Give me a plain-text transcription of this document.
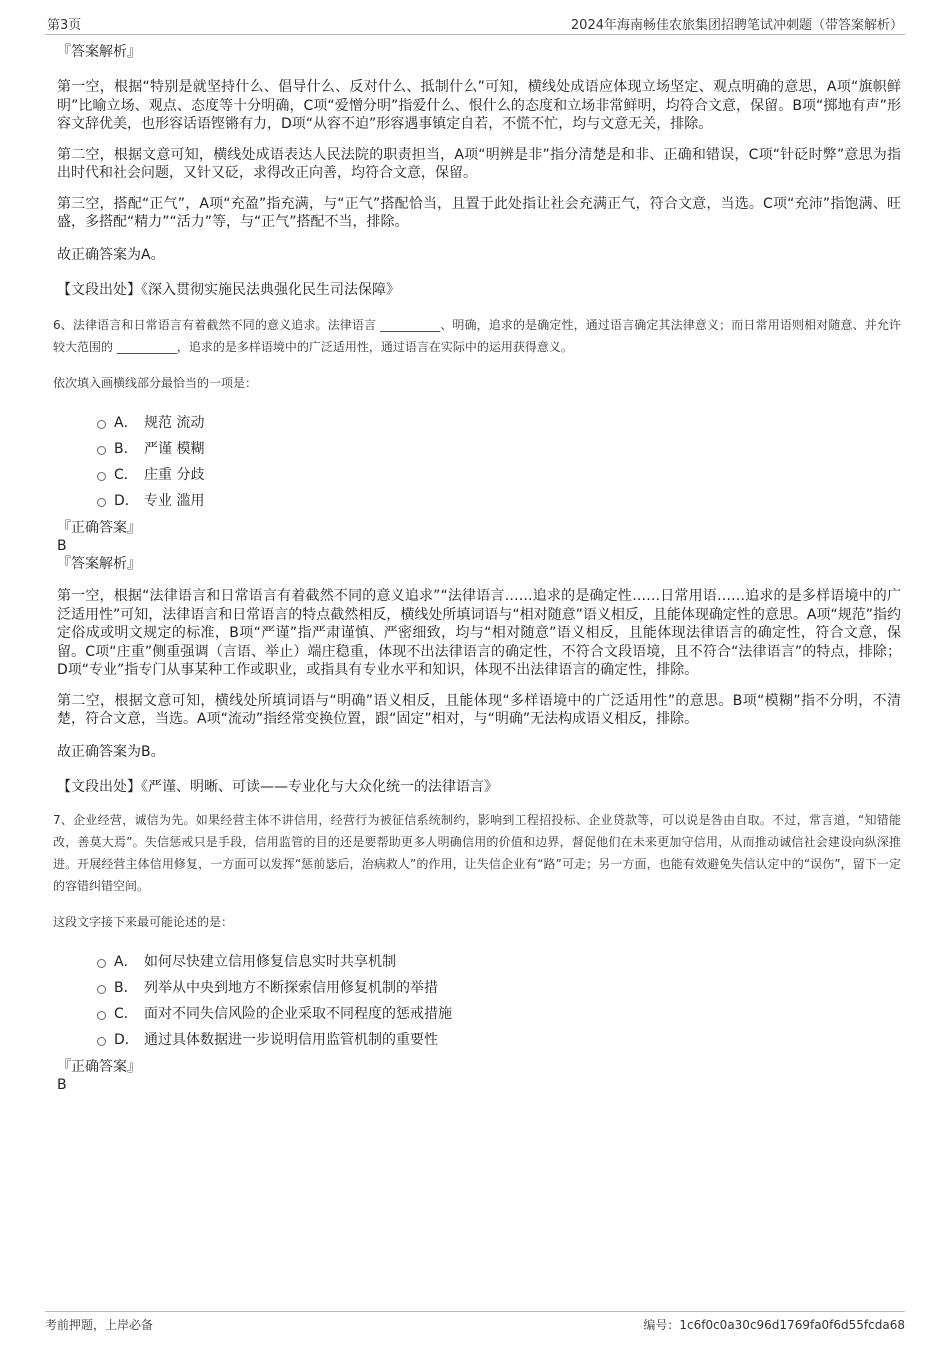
第3页	2024年海南畅佳农旅集团招聘笔试冲刺题（带答案解析）

『答案解析』

第一空，根据“特别是就坚持什么、倡导什么、反对什么、抵制什么”可知，横线处成语应体现立场坚定、观点明确的意思，A项“旗帜鲜明”比喻立场、观点、态度等十分明确，C项“爱憎分明”指爱什么、恨什么的态度和立场非常鲜明，均符合文意，保留。B项“掷地有声”形容文辞优美，也形容话语铿锵有力，D项“从容不迫”形容遇事镇定自若，不慌不忙，均与文意无关，排除。

第二空，根据文意可知，横线处成语表达人民法院的职责担当，A项“明辨是非”指分清楚是和非、正确和错误，C项“针砭时弊”意思为指出时代和社会问题，又针又砭，求得改正向善，均符合文意，保留。

第三空，搭配“正气”，A项“充盈”指充满，与“正气”搭配恰当，且置于此处指让社会充满正气，符合文意，当选。C项“充沛”指饱满、旺盛，多搭配“精力”“活力”等，与“正气”搭配不当，排除。

故正确答案为A。

【文段出处】《深入贯彻实施民法典强化民生司法保障》

6、法律语言和日常语言有着截然不同的意义追求。法律语言 __________、明确，追求的是确定性，通过语言确定其法律意义；而日常用语则相对随意、并允许较大范围的 __________，追求的是多样语境中的广泛适用性，通过语言在实际中的运用获得意义。
依次填入画横线部分最恰当的一项是：
A． 规范 流动
B． 严谨 模糊
C． 庄重 分歧
D． 专业 滥用
『正确答案』
B
『答案解析』

第一空，根据“法律语言和日常语言有着截然不同的意义追求”“法律语言……追求的是确定性……日常用语……追求的是多样语境中的广泛适用性”可知，法律语言和日常语言的特点截然相反，横线处所填词语与“相对随意”语义相反，且能体现确定性的意思。A项“规范”指约定俗成或明文规定的标准，B项“严谨”指严肃谨慎、严密细致，均与“相对随意”语义相反，且能体现法律语言的确定性，符合文意，保留。C项“庄重”侧重强调（言语、举止）端庄稳重，体现不出法律语言的确定性，不符合文段语境，且不符合“法律语言”的特点，排除；D项“专业”指专门从事某种工作或职业，或指具有专业水平和知识，体现不出法律语言的确定性，排除。

第二空，根据文意可知，横线处所填词语与“明确”语义相反，且能体现“多样语境中的广泛适用性”的意思。B项“模糊”指不分明，不清楚，符合文意，当选。A项“流动”指经常变换位置，跟“固定”相对，与“明确”无法构成语义相反，排除。

故正确答案为B。

【文段出处】《严谨、明晰、可读——专业化与大众化统一的法律语言》

7、企业经营，诚信为先。如果经营主体不讲信用，经营行为被征信系统制约，影响到工程招投标、企业贷款等，可以说是咎由自取。不过，常言道，“知错能改，善莫大焉”。失信惩戒只是手段，信用监管的目的还是要帮助更多人明确信用的价值和边界，督促他们在未来更加守信用，从而推动诚信社会建设向纵深推进。开展经营主体信用修复，一方面可以发挥“惩前毖后，治病救人”的作用，让失信企业有“路”可走；另一方面，也能有效避免失信认定中的“误伤”，留下一定的容错纠错空间。
这段文字接下来最可能论述的是：
A． 如何尽快建立信用修复信息实时共享机制
B． 列举从中央到地方不断探索信用修复机制的举措
C． 面对不同失信风险的企业采取不同程度的惩戒措施
D． 通过具体数据进一步说明信用监管机制的重要性
『正确答案』
B
考前押题，上岸必备	编号：1c6f0c0a30c96d1769fa0f6d55fcda68
